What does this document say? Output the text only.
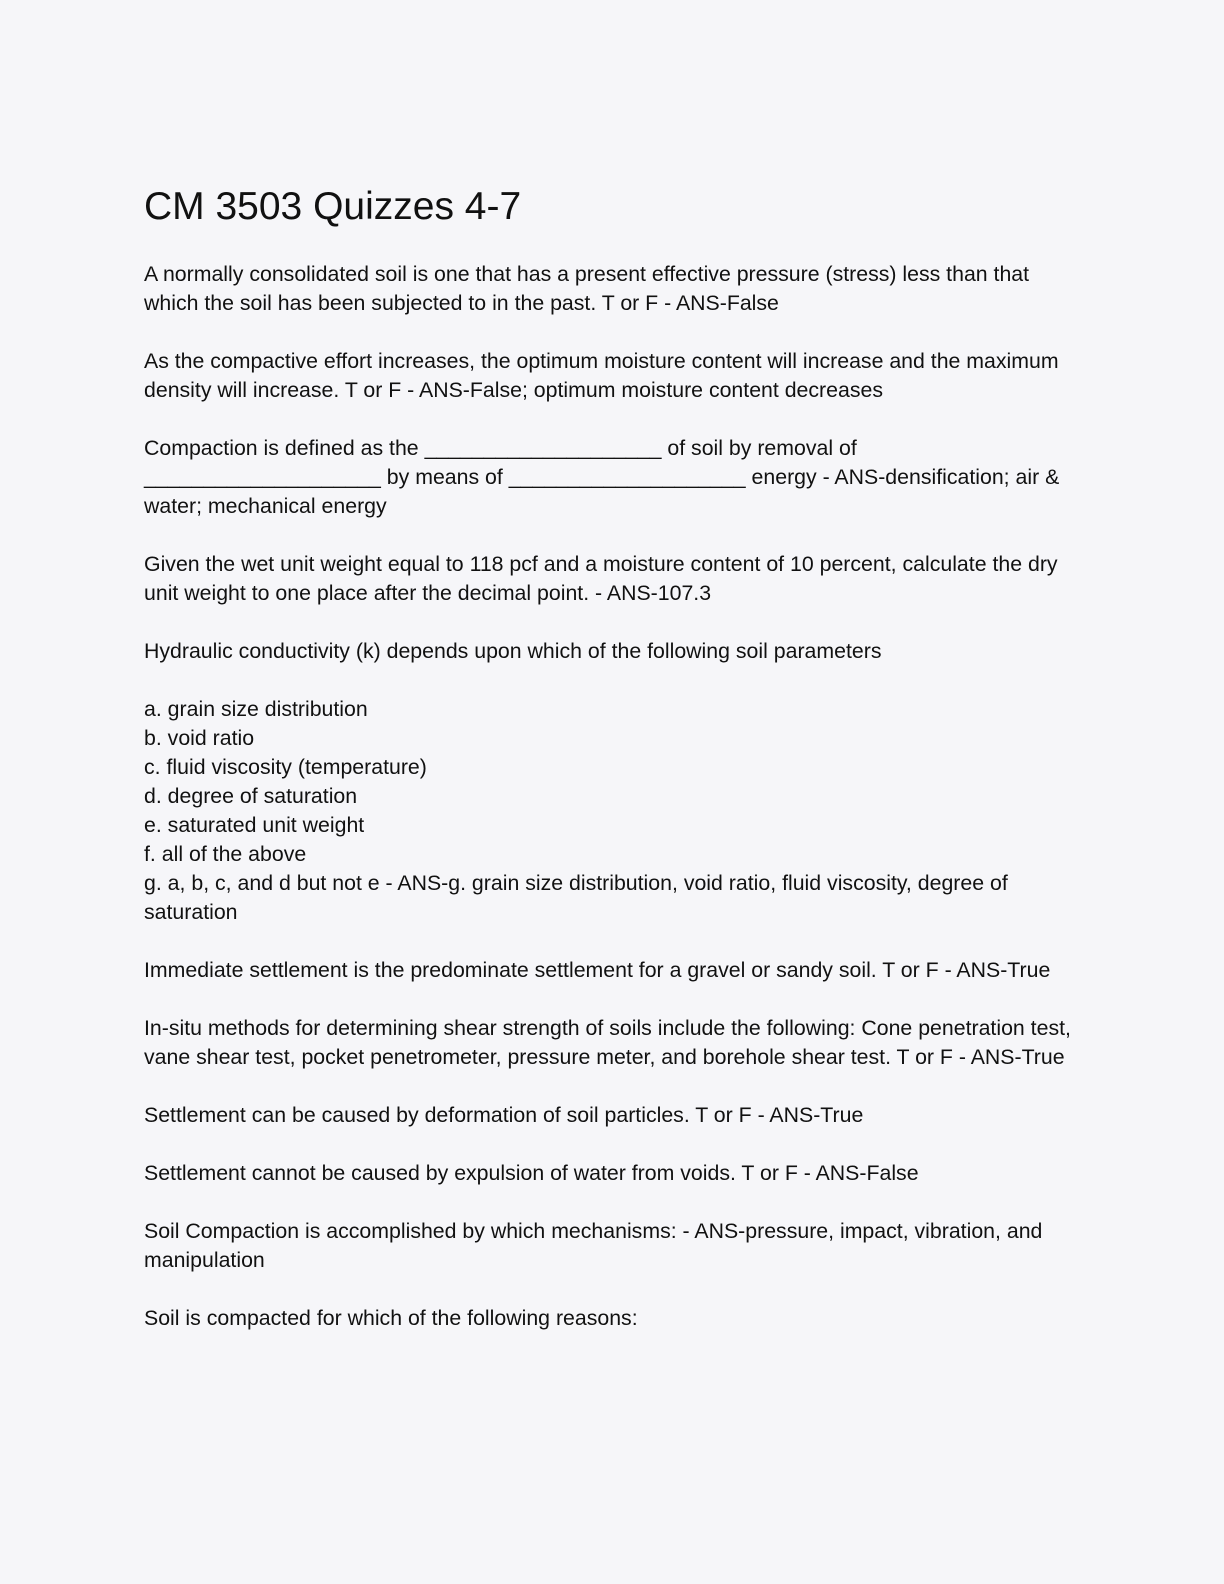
CM 3503 Quizzes 4-7

A normally consolidated soil is one that has a present effective pressure (stress) less than that which the soil has been subjected to in the past. T or F - ANS-False

As the compactive effort increases, the optimum moisture content will increase and the maximum density will increase. T or F - ANS-False; optimum moisture content decreases

Compaction is defined as the ____________________ of soil by removal of ____________________ by means of ____________________ energy - ANS-densification; air & water; mechanical energy

Given the wet unit weight equal to 118 pcf and a moisture content of 10 percent, calculate the dry unit weight to one place after the decimal point. - ANS-107.3

Hydraulic conductivity (k) depends upon which of the following soil parameters

a. grain size distribution

b. void ratio

c. fluid viscosity (temperature)

d. degree of saturation

e. saturated unit weight

f. all of the above

g. a, b, c, and d but not e - ANS-g. grain size distribution, void ratio, fluid viscosity, degree of saturation

Immediate settlement is the predominate settlement for a gravel or sandy soil. T or F - ANS-True

In-situ methods for determining shear strength of soils include the following: Cone penetration test, vane shear test, pocket penetrometer, pressure meter, and borehole shear test. T or F - ANS-True

Settlement can be caused by deformation of soil particles. T or F - ANS-True

Settlement cannot be caused by expulsion of water from voids. T or F - ANS-False

Soil Compaction is accomplished by which mechanisms: - ANS-pressure, impact, vibration, and manipulation

Soil is compacted for which of the following reasons:
